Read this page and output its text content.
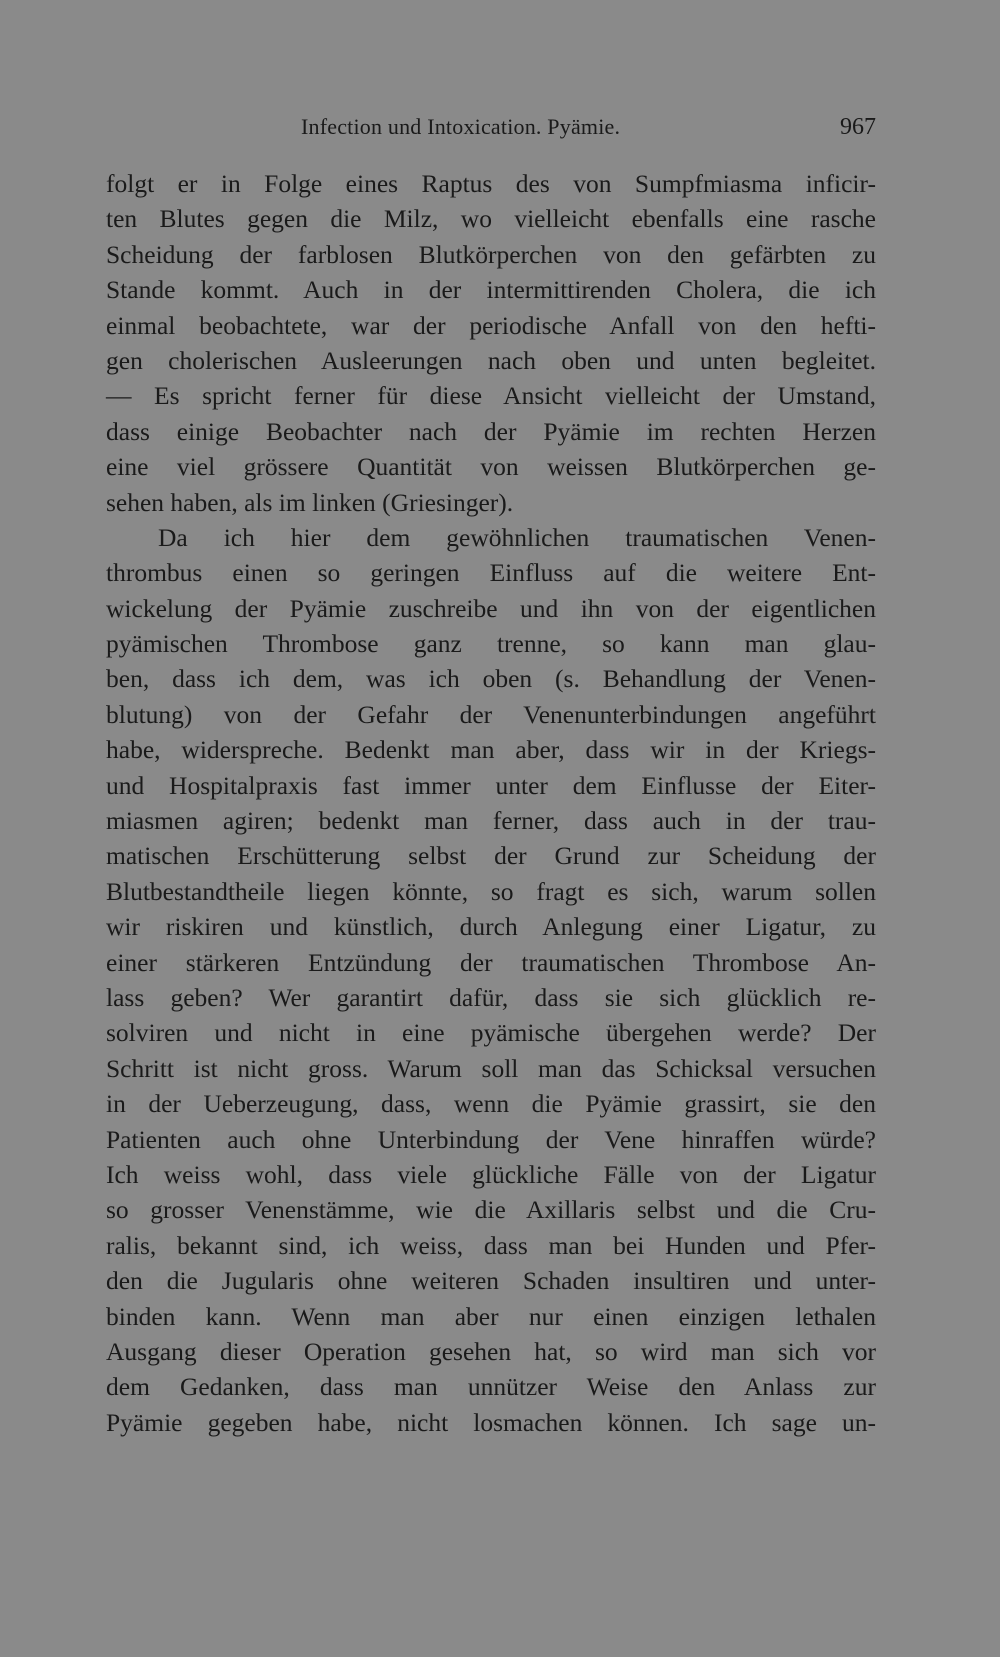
Infection und Intoxication. Pyämie.	967
folgt er in Folge eines Raptus des von Sumpfmiasma inficir-
ten Blutes gegen die Milz, wo vielleicht ebenfalls eine rasche
Scheidung der farblosen Blutkörperchen von den gefärbten zu
Stande kommt. Auch in der intermittirenden Cholera, die ich
einmal beobachtete, war der periodische Anfall von den hefti-
gen cholerischen Ausleerungen nach oben und unten begleitet.
— Es spricht ferner für diese Ansicht vielleicht der Umstand,
dass einige Beobachter nach der Pyämie im rechten Herzen
eine viel grössere Quantität von weissen Blutkörperchen ge-
sehen haben, als im linken (Griesinger).
Da ich hier dem gewöhnlichen traumatischen Venen-
thrombus einen so geringen Einfluss auf die weitere Ent-
wickelung der Pyämie zuschreibe und ihn von der eigentlichen
pyämischen Thrombose ganz trenne, so kann man glau-
ben, dass ich dem, was ich oben (s. Behandlung der Venen-
blutung) von der Gefahr der Venenunterbindungen angeführt
habe, widerspreche. Bedenkt man aber, dass wir in der Kriegs-
und Hospitalpraxis fast immer unter dem Einflusse der Eiter-
miasmen agiren; bedenkt man ferner, dass auch in der trau-
matischen Erschütterung selbst der Grund zur Scheidung der
Blutbestandtheile liegen könnte, so fragt es sich, warum sollen
wir riskiren und künstlich, durch Anlegung einer Ligatur, zu
einer stärkeren Entzündung der traumatischen Thrombose An-
lass geben? Wer garantirt dafür, dass sie sich glücklich re-
solviren und nicht in eine pyämische übergehen werde? Der
Schritt ist nicht gross. Warum soll man das Schicksal versuchen
in der Ueberzeugung, dass, wenn die Pyämie grassirt, sie den
Patienten auch ohne Unterbindung der Vene hinraffen würde?
Ich weiss wohl, dass viele glückliche Fälle von der Ligatur
so grosser Venenstämme, wie die Axillaris selbst und die Cru-
ralis, bekannt sind, ich weiss, dass man bei Hunden und Pfer-
den die Jugularis ohne weiteren Schaden insultiren und unter-
binden kann. Wenn man aber nur einen einzigen lethalen
Ausgang dieser Operation gesehen hat, so wird man sich vor
dem Gedanken, dass man unnützer Weise den Anlass zur
Pyämie gegeben habe, nicht losmachen können. Ich sage un-
